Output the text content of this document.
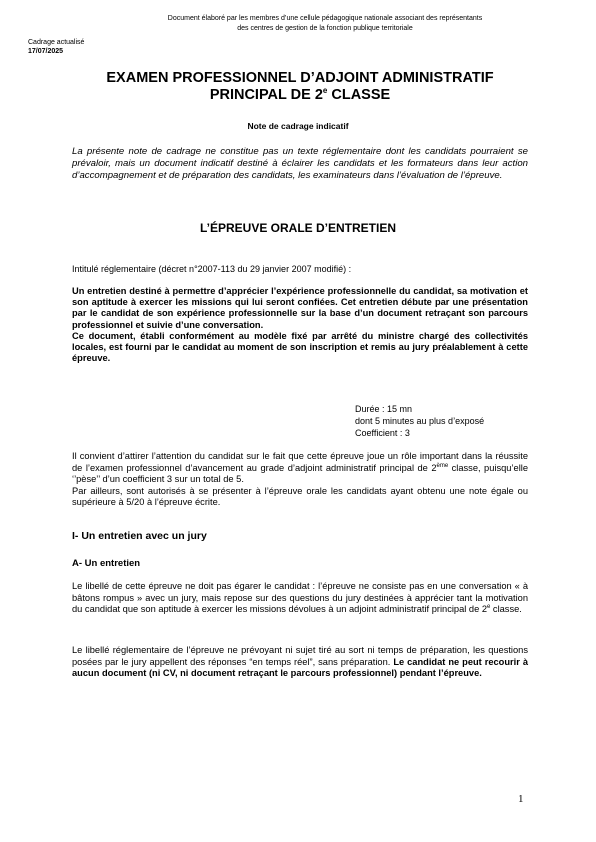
Document élaboré par les membres d’une cellule pédagogique nationale associant des représentants
des centres de gestion de la fonction publique territoriale
Cadrage actualisé
17/07/2025
EXAMEN PROFESSIONNEL D’ADJOINT ADMINISTRATIF
PRINCIPAL DE 2e CLASSE
Note de cadrage indicatif
La présente note de cadrage ne constitue pas un texte réglementaire dont les candidats pourraient se prévaloir, mais un document indicatif destiné à éclairer les candidats et les formateurs dans leur action d’accompagnement et de préparation des candidats, les examinateurs dans l’évaluation de l’épreuve.
L’ÉPREUVE ORALE D’ENTRETIEN
Intitulé réglementaire (décret n°2007-113 du 29 janvier 2007 modifié) :

Un entretien destiné à permettre d’apprécier l’expérience professionnelle du candidat, sa motivation et son aptitude à exercer les missions qui lui seront confiées. Cet entretien débute par une présentation par le candidat de son expérience professionnelle sur la base d’un document retraçant son parcours professionnel et suivie d’une conversation.

Ce document, établi conformément au modèle fixé par arrêté du ministre chargé des collectivités locales, est fourni par le candidat au moment de son inscription et remis au jury préalablement à cette épreuve.

Durée : 15 mn
dont 5 minutes au plus d’exposé
Coefficient : 3

Il convient d’attirer l’attention du candidat sur le fait que cette épreuve joue un rôle important dans la réussite de l’examen professionnel d’avancement au grade d’adjoint administratif principal de 2ème classe, puisqu’elle ‘’pèse’’ d’un coefficient 3 sur un total de 5.

Par ailleurs, sont autorisés à se présenter à l’épreuve orale les candidats ayant obtenu une note égale ou supérieure à 5/20 à l’épreuve écrite.

I- Un entretien avec un jury
A- Un entretien
Le libellé de cette épreuve ne doit pas égarer le candidat : l’épreuve ne consiste pas en une conversation « à bâtons rompus » avec un jury, mais repose sur des questions du jury destinées à apprécier tant la motivation du candidat que son aptitude à exercer les missions dévolues à un adjoint administratif principal de 2e classe.
Le libellé réglementaire de l’épreuve ne prévoyant ni sujet tiré au sort ni temps de préparation, les questions posées par le jury appellent des réponses “en temps réel”, sans préparation. Le candidat ne peut recourir à aucun document (ni CV, ni document retraçant le parcours professionnel) pendant l’épreuve.
1
